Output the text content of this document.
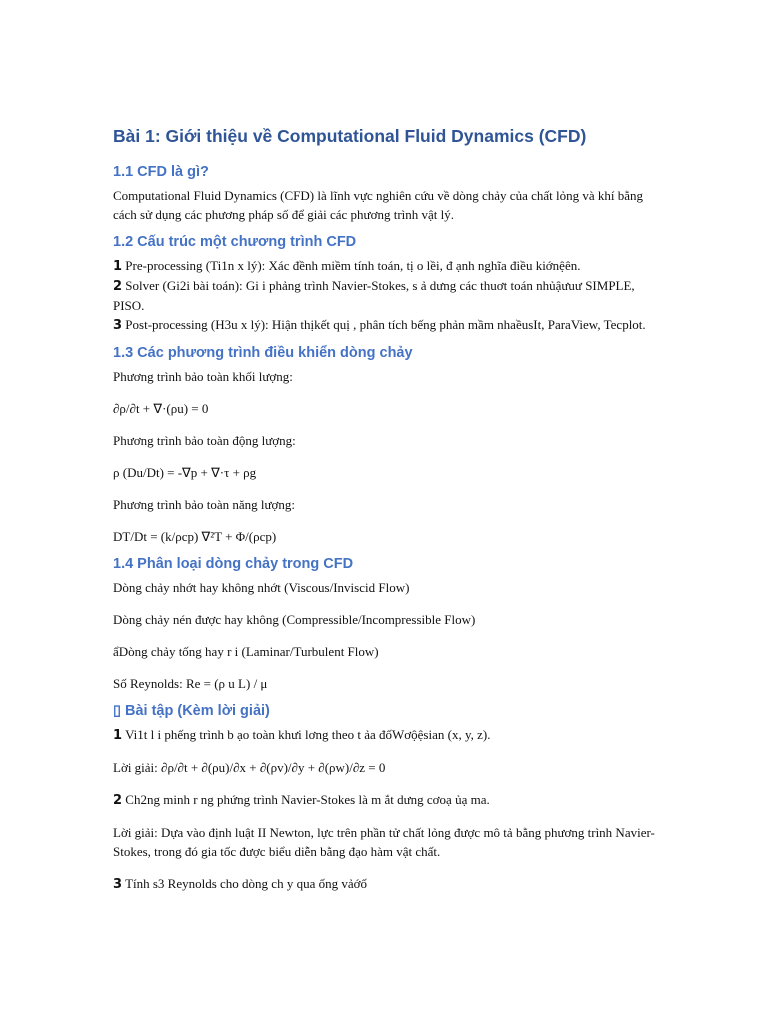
Bài 1: Giới thiệu về Computational Fluid Dynamics (CFD)
1.1 CFD là gì?

Computational Fluid Dynamics (CFD) là lĩnh vực nghiên cứu về dòng chảy của chất lỏng và khí bằng cách sử dụng các phương pháp số để giải các phương trình vật lý.

1.2 Cấu trúc một chương trình CFD

1 Pre-processing (Ti1n x lý): Xác đềnh miềm tính toán, tị o lềi, đ ạnh nghĩa điều kiớnệên.

2 Solver (Gi2i bài toán): Gi i phảng trình Navier-Stokes, s ả dưng các thuơt toán nhủậưuư SIMPLE, PISO.

3 Post-processing (H3u x lý): Hiận thịkết quị , phân tích bếng phản mầm nhaềusIt, ParaView, Tecplot.

1.3 Các phương trình điều khiển dòng chảy

Phương trình bảo toàn khối lượng:

∂ρ/∂t + ∇·(ρu) = 0

Phương trình bảo toàn động lượng:

ρ (Du/Dt) = -∇p + ∇·τ + ρg

Phương trình bảo toàn năng lượng:

DT/Dt = (k/ρcp) ∇²T + Φ/(ρcp)

1.4 Phân loại dòng chảy trong CFD

Dòng chảy nhớt hay không nhớt (Viscous/Inviscid Flow)

Dòng chảy nén được hay không (Compressible/Incompressible Flow)

ẩDòng chảy tống hay r i (Laminar/Turbulent Flow)

Số Reynolds: Re = (ρ u L) / μ

▯ Bài tập (Kèm lời giải)

1 Vi1t l i phếng trình b ạo toàn khưi lơng theo t ảa đốWơộệsian (x, y, z).

Lời giải: ∂ρ/∂t + ∂(ρu)/∂x + ∂(ρv)/∂y + ∂(ρw)/∂z = 0

2 Ch2ng minh r ng phứng trình Navier-Stokes là m ắt dưng cơoạ ủạ ma.

Lời giải: Dựa vào định luật II Newton, lực trên phần tử chất lỏng được mô tả bằng phương trình Navier-Stokes, trong đó gia tốc được biểu diễn bằng đạo hàm vật chất.

3 Tính s3 Reynolds cho dòng ch y qua ống vảớố
